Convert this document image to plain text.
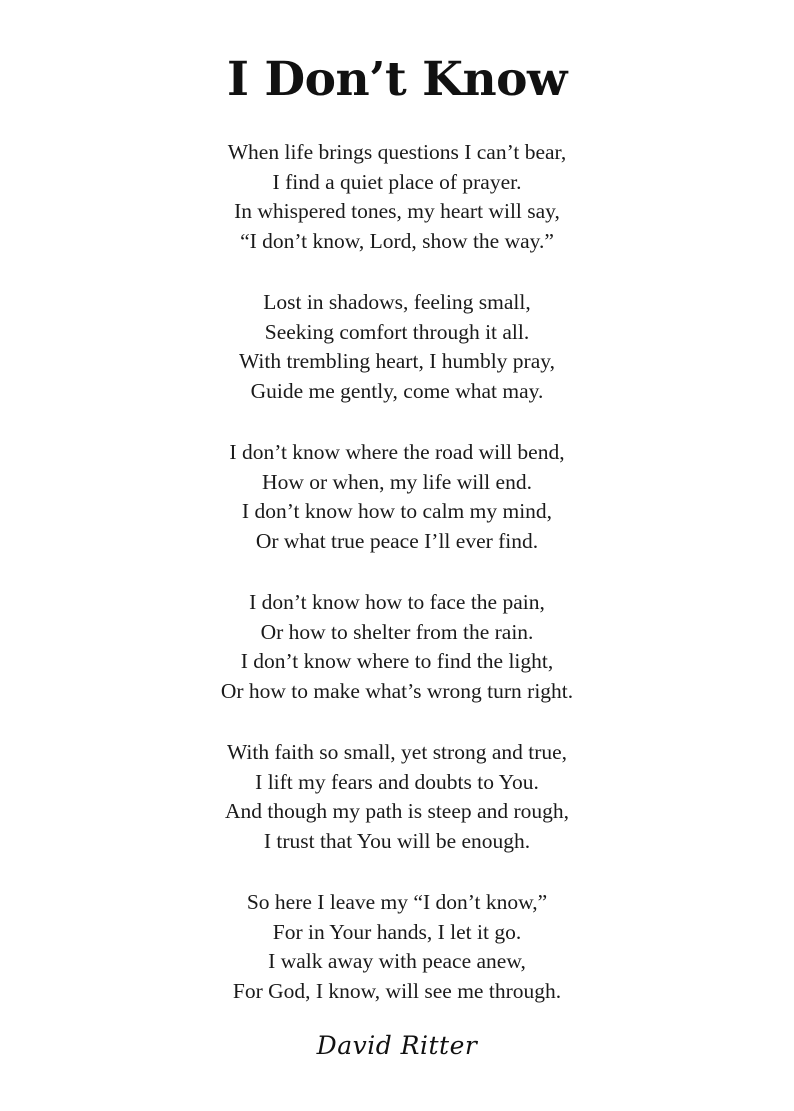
I Don’t Know
When life brings questions I can’t bear,
I find a quiet place of prayer.
In whispered tones, my heart will say,
“I don’t know, Lord, show the way.”
Lost in shadows, feeling small,
Seeking comfort through it all.
With trembling heart, I humbly pray,
Guide me gently, come what may.
I don’t know where the road will bend,
How or when, my life will end.
I don’t know how to calm my mind,
Or what true peace I’ll ever find.
I don’t know how to face the pain,
Or how to shelter from the rain.
I don’t know where to find the light,
Or how to make what’s wrong turn right.
With faith so small, yet strong and true,
I lift my fears and doubts to You.
And though my path is steep and rough,
I trust that You will be enough.
So here I leave my “I don’t know,”
For in Your hands, I let it go.
I walk away with peace anew,
For God, I know, will see me through.
David Ritter
